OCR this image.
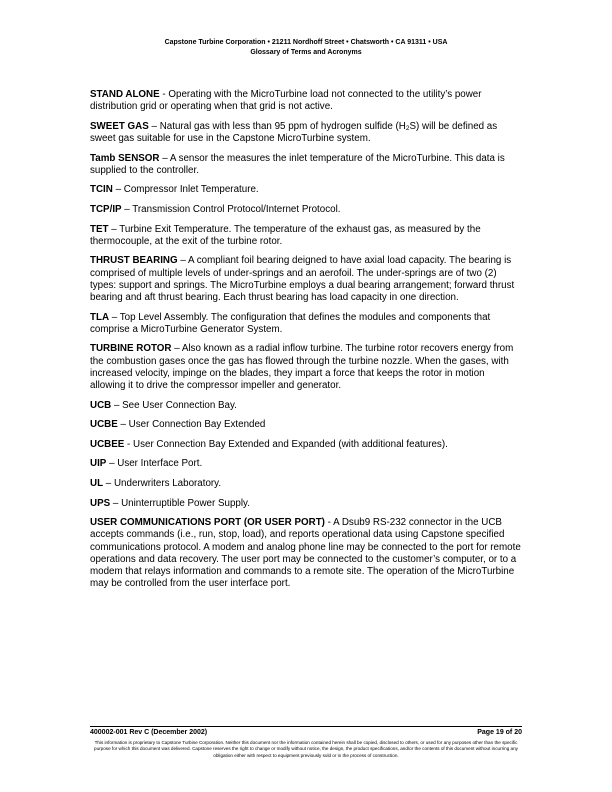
Capstone Turbine Corporation • 21211 Nordhoff Street • Chatsworth • CA 91311 • USA
Glossary of Terms and Acronyms

STAND ALONE - Operating with the MicroTurbine load not connected to the utility’s power distribution grid or operating when that grid is not active.

SWEET GAS – Natural gas with less than 95 ppm of hydrogen sulfide $(H_2S)$ will be defined as sweet gas suitable for use in the Capstone MicroTurbine system.

Tamb SENSOR – A sensor the measures the inlet temperature of the MicroTurbine. This data is supplied to the controller.

TCIN – Compressor Inlet Temperature.

TCP/IP – Transmission Control Protocol/Internet Protocol.

TET – Turbine Exit Temperature. The temperature of the exhaust gas, as measured by the thermocouple, at the exit of the turbine rotor.

THRUST BEARING – A compliant foil bearing deigned to have axial load capacity. The bearing is comprised of multiple levels of under-springs and an aerofoil. The under-springs are of two (2) types: support and springs. The MicroTurbine employs a dual bearing arrangement; forward thrust bearing and aft thrust bearing. Each thrust bearing has load capacity in one direction.

TLA – Top Level Assembly. The configuration that defines the modules and components that comprise a MicroTurbine Generator System.

TURBINE ROTOR – Also known as a radial inflow turbine. The turbine rotor recovers energy from the combustion gases once the gas has flowed through the turbine nozzle. When the gases, with increased velocity, impinge on the blades, they impart a force that keeps the rotor in motion allowing it to drive the compressor impeller and generator.

UCB – See User Connection Bay.

UCBE – User Connection Bay Extended

UCBEE - User Connection Bay Extended and Expanded (with additional features).

UIP – User Interface Port.

UL – Underwriters Laboratory.

UPS – Uninterruptible Power Supply.

USER COMMUNICATIONS PORT (OR USER PORT) - A Dsub9 RS-232 connector in the UCB accepts commands (i.e., run, stop, load), and reports operational data using Capstone specified communications protocol. A modem and analog phone line may be connected to the port for remote operations and data recovery. The user port may be connected to the customer’s computer, or to a modem that relays information and commands to a remote site. The operation of the MicroTurbine may be controlled from the user interface port.

400002-001 Rev C (December 2002)	Page 19 of 20
This information is proprietary to Capstone Turbine Corporation. Neither this document nor the information contained herein shall be copied, disclosed to others, or used for any purposes other than the specific purpose for which this document was delivered. Capstone reserves the right to change or modify without notice, the design, the product specifications, and/or the contents of this document without incurring any obligation either with respect to equipment previously sold or in the process of construction.
